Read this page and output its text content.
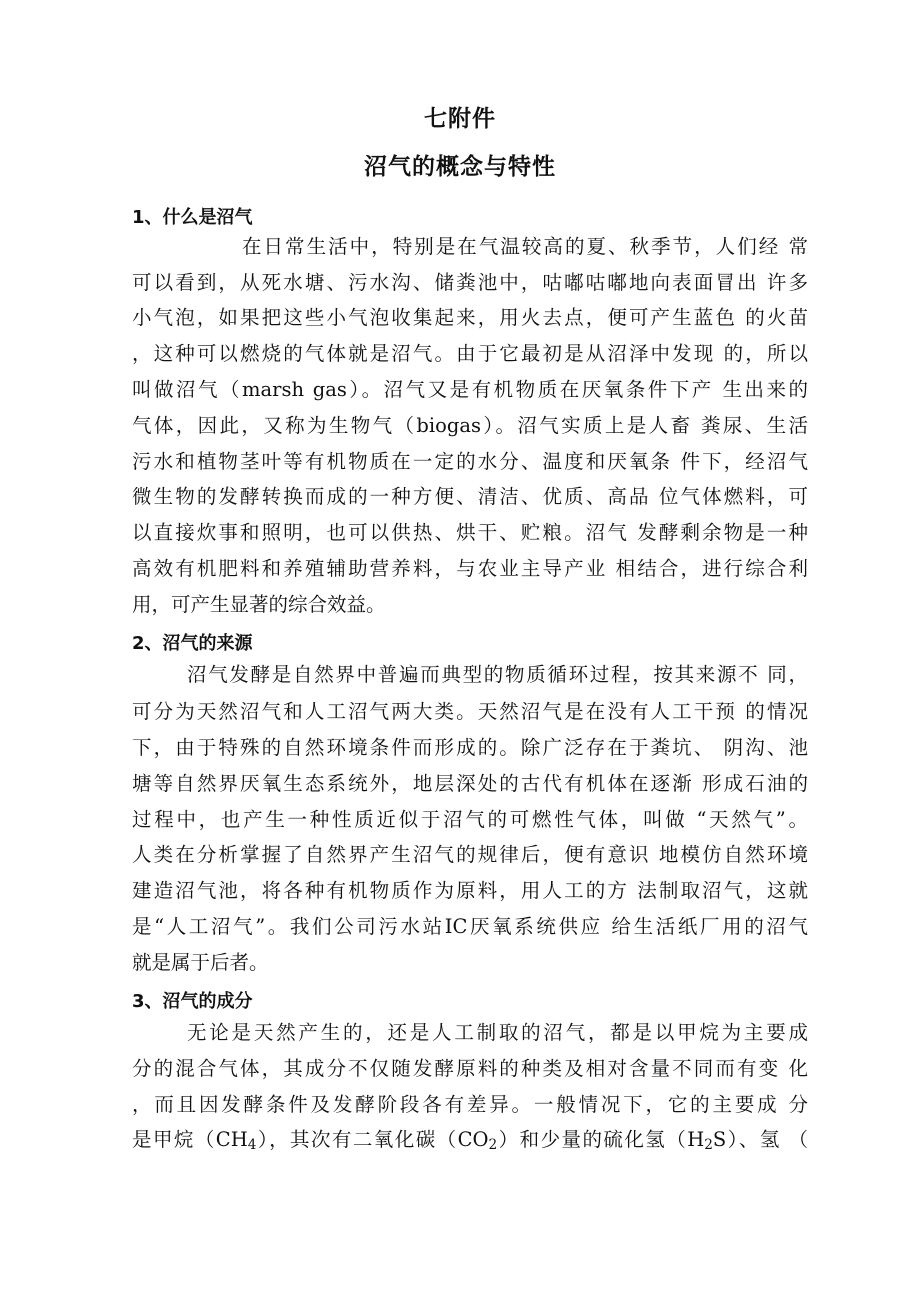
七附件
沼气的概念与特性
1、什么是沼气
在日常生活中，特别是在气温较高的夏、秋季节，人们经 常
可以看到，从死水塘、污水沟、储粪池中，咕嘟咕嘟地向表面冒出 许多
小气泡，如果把这些小气泡收集起来，用火去点，便可产生蓝色 的火苗
，这种可以燃烧的气体就是沼气。由于它最初是从沼泽中发现 的，所以
叫做沼气（marsh gas）。沼气又是有机物质在厌氧条件下产 生出来的
气体，因此，又称为生物气（biogas）。沼气实质上是人畜 粪尿、生活
污水和植物茎叶等有机物质在一定的水分、温度和厌氧条 件下，经沼气
微生物的发酵转换而成的一种方便、清洁、优质、高品 位气体燃料，可
以直接炊事和照明，也可以供热、烘干、贮粮。沼气 发酵剩余物是一种
高效有机肥料和养殖辅助营养料，与农业主导产业 相结合，进行综合利
用，可产生显著的综合效益。
2、沼气的来源
沼气发酵是自然界中普遍而典型的物质循环过程，按其来源不 同，
可分为天然沼气和人工沼气两大类。天然沼气是在没有人工干预 的情况
下，由于特殊的自然环境条件而形成的。除广泛存在于粪坑、 阴沟、池
塘等自然界厌氧生态系统外，地层深处的古代有机体在逐渐 形成石油的
过程中，也产生一种性质近似于沼气的可燃性气体，叫做 “天然气”。
人类在分析掌握了自然界产生沼气的规律后，便有意识 地模仿自然环境
建造沼气池，将各种有机物质作为原料，用人工的方 法制取沼气，这就
是“人工沼气”。我们公司污水站IC厌氧系统供应 给生活纸厂用的沼气
就是属于后者。
3、沼气的成分
无论是天然产生的，还是人工制取的沼气，都是以甲烷为主要成
分的混合气体，其成分不仅随发酵原料的种类及相对含量不同而有变 化
，而且因发酵条件及发酵阶段各有差异。一般情况下，它的主要成 分
是甲烷$(CH_4)$，其次有二氧化碳$(CO_2)$和少量的硫化氢$(H_2S)$、氢 （
